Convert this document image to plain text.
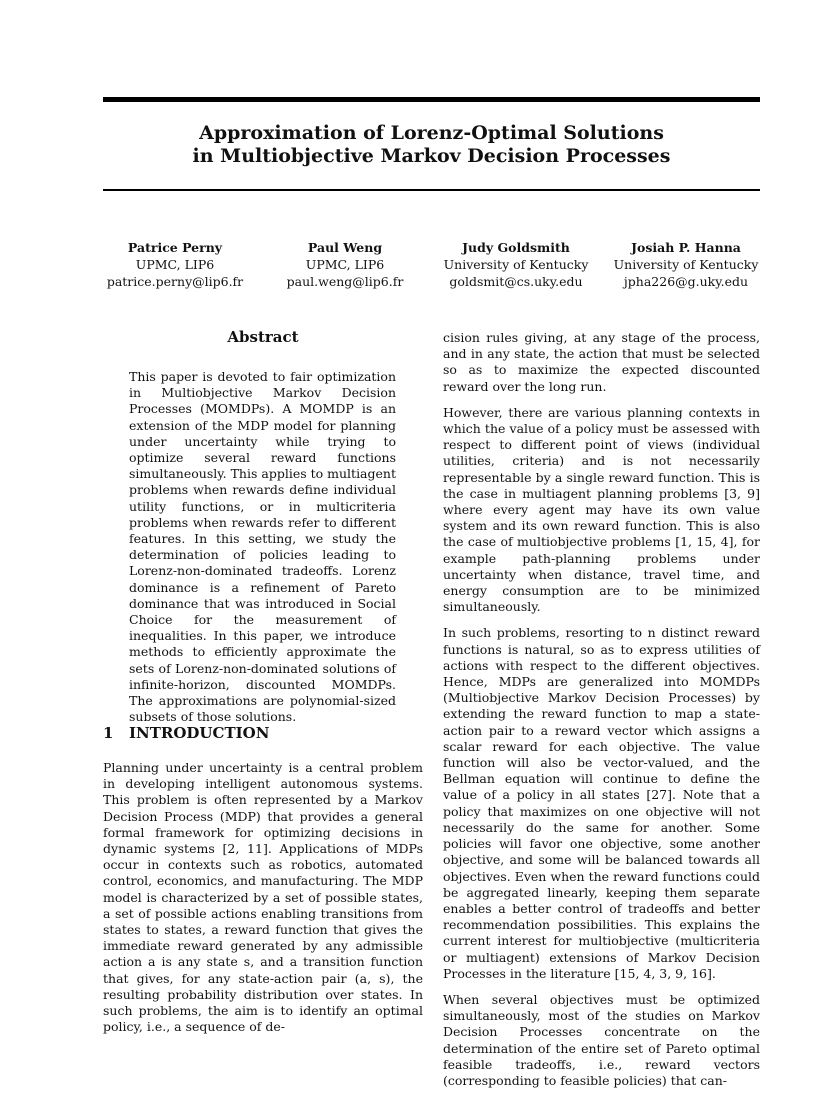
Approximation of Lorenz-Optimal Solutions
in Multiobjective Markov Decision Processes
Patrice Perny
UPMC, LIP6
patrice.perny@lip6.fr
Paul Weng
UPMC, LIP6
paul.weng@lip6.fr
Judy Goldsmith
University of Kentucky
goldsmit@cs.uky.edu
Josiah P. Hanna
University of Kentucky
jpha226@g.uky.edu
Abstract
This paper is devoted to fair optimization in Multiobjective Markov Decision Processes (MOMDPs). A MOMDP is an extension of the MDP model for planning under uncertainty while trying to optimize several reward functions simultaneously. This applies to multiagent problems when rewards define individual utility functions, or in multicriteria problems when rewards refer to different features. In this setting, we study the determination of policies leading to Lorenz-non-dominated tradeoffs. Lorenz dominance is a refinement of Pareto dominance that was introduced in Social Choice for the measurement of inequalities. In this paper, we introduce methods to efficiently approximate the sets of Lorenz-non-dominated solutions of infinite-horizon, discounted MOMDPs. The approximations are polynomial-sized subsets of those solutions.
1 INTRODUCTION

Planning under uncertainty is a central problem in developing intelligent autonomous systems. This problem is often represented by a Markov Decision Process (MDP) that provides a general formal framework for optimizing decisions in dynamic systems [2, 11]. Applications of MDPs occur in contexts such as robotics, automated control, economics, and manufacturing. The MDP model is characterized by a set of possible states, a set of possible actions enabling transitions from states to states, a reward function that gives the immediate reward generated by any admissible action a is any state s, and a transition function that gives, for any state-action pair (a, s), the resulting probability distribution over states. In such problems, the aim is to identify an optimal policy, i.e., a sequence of de-

cision rules giving, at any stage of the process, and in any state, the action that must be selected so as to maximize the expected discounted reward over the long run.

However, there are various planning contexts in which the value of a policy must be assessed with respect to different point of views (individual utilities, criteria) and is not necessarily representable by a single reward function. This is the case in multiagent planning problems [3, 9] where every agent may have its own value system and its own reward function. This is also the case of multiobjective problems [1, 15, 4], for example path-planning problems under uncertainty when distance, travel time, and energy consumption are to be minimized simultaneously.

In such problems, resorting to n distinct reward functions is natural, so as to express utilities of actions with respect to the different objectives. Hence, MDPs are generalized into MOMDPs (Multiobjective Markov Decision Processes) by extending the reward function to map a state-action pair to a reward vector which assigns a scalar reward for each objective. The value function will also be vector-valued, and the Bellman equation will continue to define the value of a policy in all states [27]. Note that a policy that maximizes on one objective will not necessarily do the same for another. Some policies will favor one objective, some another objective, and some will be balanced towards all objectives. Even when the reward functions could be aggregated linearly, keeping them separate enables a better control of tradeoffs and better recommendation possibilities. This explains the current interest for multiobjective (multicriteria or multiagent) extensions of Markov Decision Processes in the literature [15, 4, 3, 9, 16].

When several objectives must be optimized simultaneously, most of the studies on Markov Decision Processes concentrate on the determination of the entire set of Pareto optimal feasible tradeoffs, i.e., reward vectors (corresponding to feasible policies) that can-
